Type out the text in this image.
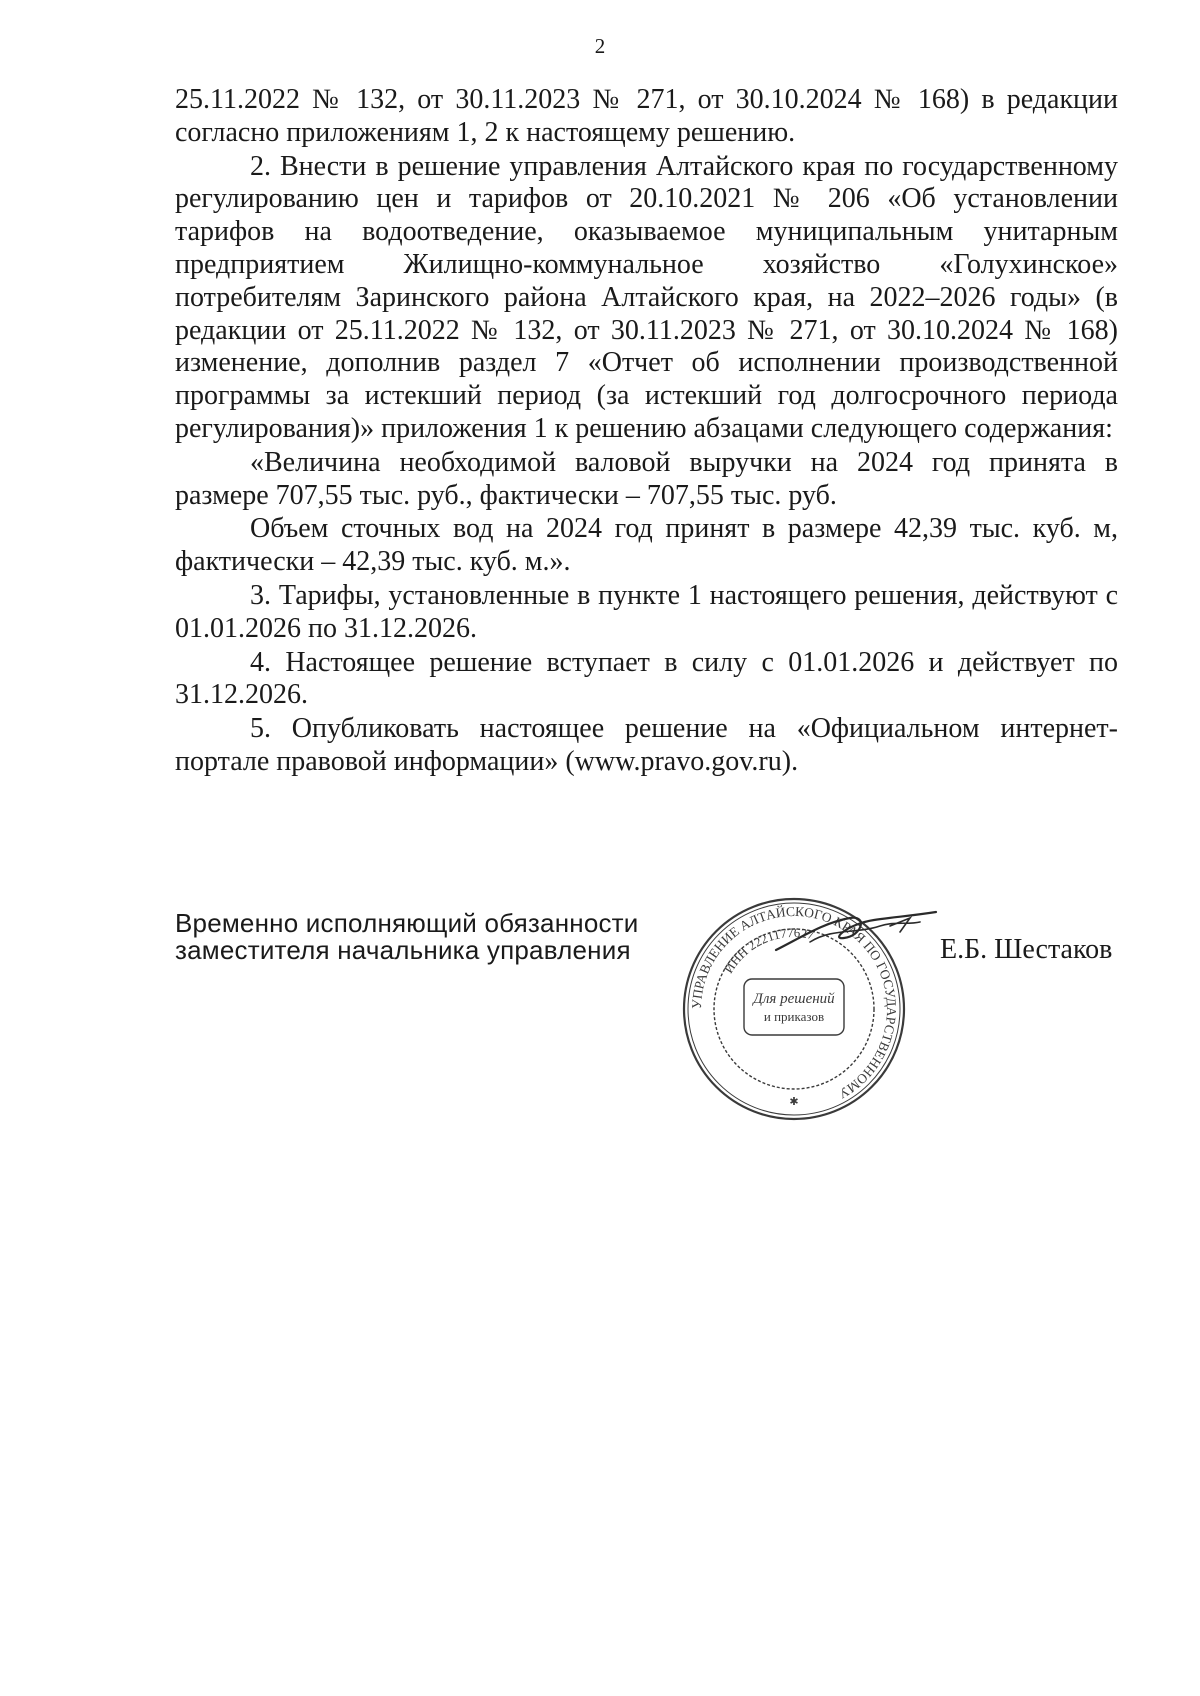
2

25.11.2022 № 132, от 30.11.2023 № 271, от 30.10.2024 № 168) в редакции согласно приложениям 1, 2 к настоящему решению.

2. Внести в решение управления Алтайского края по государственному регулированию цен и тарифов от 20.10.2021 № 206 «Об установлении тарифов на водоотведение, оказываемое муниципальным унитарным предприятием Жилищно-коммунальное хозяйство «Голухинское» потребителям Заринского района Алтайского края, на 2022–2026 годы» (в редакции от 25.11.2022 № 132, от 30.11.2023 № 271, от 30.10.2024 № 168) изменение, дополнив раздел 7 «Отчет об исполнении производственной программы за истекший период (за истекший год долгосрочного периода регулирования)» приложения 1 к решению абзацами следующего содержания:

«Величина необходимой валовой выручки на 2024 год принята в размере 707,55 тыс. руб., фактически – 707,55 тыс. руб.

Объем сточных вод на 2024 год принят в размере 42,39 тыс. куб. м, фактически – 42,39 тыс. куб. м.».

3. Тарифы, установленные в пункте 1 настоящего решения, действуют с 01.01.2026 по 31.12.2026.

4. Настоящее решение вступает в силу с 01.01.2026 и действует по 31.12.2026.

5. Опубликовать настоящее решение на «Официальном интернет-портале правовой информации» (www.pravo.gov.ru).

Временно исполняющий обязанности
заместителя начальника управления
УПРАВЛЕНИЕ АЛТАЙСКОГО КРАЯ ПО ГОСУДАРСТВЕННОМУ
ИНН 2221177627
Для решений
и приказов
✱
Е.Б. Шестаков
